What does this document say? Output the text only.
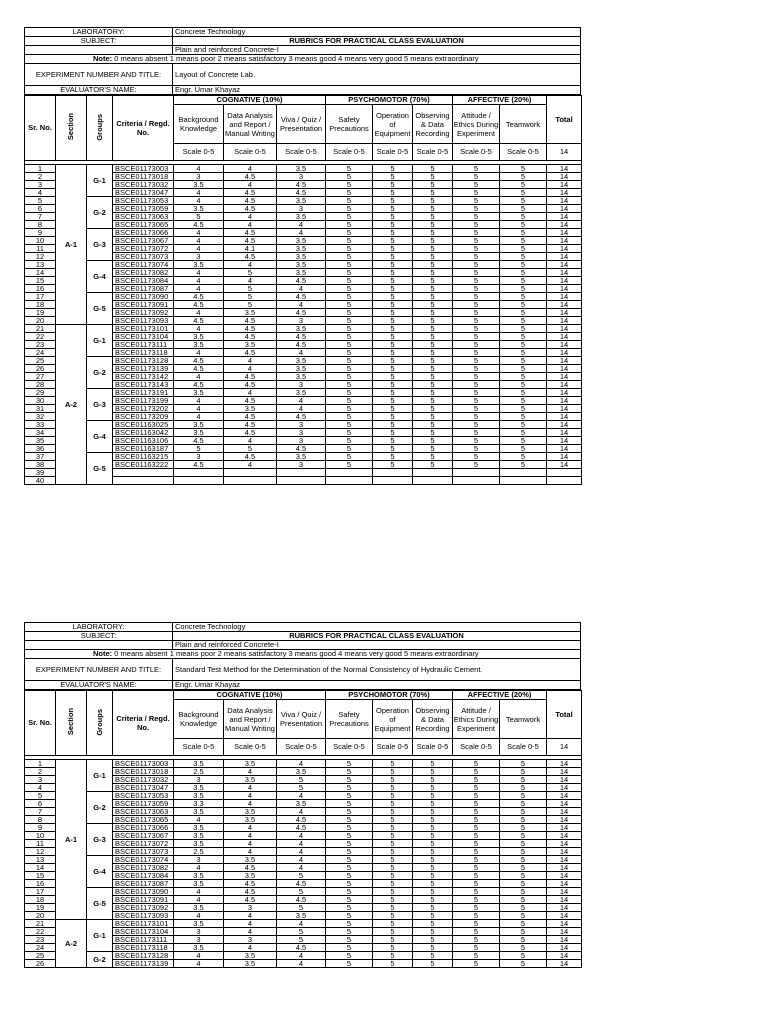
LABORATORY:	Concrete Technology
SUBJECT:	RUBRICS FOR PRACTICAL CLASS EVALUATION
	Plain and reinforced Concrete-I
Note: 0 means absent 1 means poor 2 means satisfactory 3 means good 4 means very good 5 means extraordinary	
EXPERIMENT NUMBER AND TITLE:	Layout of Concrete Lab.
EVALUATOR'S NAME:	Engr. Umar Khayaz
Sr. No.	Section	Groups	Criteria / Regd. No.	COGNATIVE (10%)			PSYCHOMOTOR (70%)			AFFECTIVE (20%)		Total
				Background Knowledge	Data Analysis and Report / Manual Writing	Viva / Quiz / Presentation	Safety Precautions	Operation of Equipment	Observing & Data Recording	Attitude / Ethics During Experiment	Teamwork	
				Scale 0-5	Scale 0-5	Scale 0-5	Scale 0-5	Scale 0-5	Scale 0-5	Scale 0-5	Scale 0-5	14

1	A-1	G-1	BSCE01173003	4	4	3.5	5	5	5	5	5	14
2			BSCE01173018	3	4.5	3	5	5	5	5	5	14
3			BSCE01173032	3.5	4	4.5	5	5	5	5	5	14
4			BSCE01173047	4	4.5	4.5	5	5	5	5	5	14
5		G-2	BSCE01173053	4	4.5	3.5	5	5	5	5	5	14
6			BSCE01173059	3.5	4.5	3	5	5	5	5	5	14
7			BSCE01173063	5	4	3.5	5	5	5	5	5	14
8			BSCE01173065	4.5	4	4	5	5	5	5	5	14
9		G-3	BSCE01173066	4	4.5	4	5	5	5	5	5	14
10			BSCE01173067	4	4.5	3.5	5	5	5	5	5	14
11			BSCE01173072	4	4.1	3.5	5	5	5	5	5	14
12			BSCE01173073	3	4.5	3.5	5	5	5	5	5	14
13		G-4	BSCE01173074	3.5	4	3.5	5	5	5	5	5	14
14			BSCE01173082	4	5	3.5	5	5	5	5	5	14
15			BSCE01173084	4	4	4.5	5	5	5	5	5	14
16			BSCE01173087	4	5	4	5	5	5	5	5	14
17		G-5	BSCE01173090	4.5	5	4.5	5	5	5	5	5	14
18			BSCE01173091	4.5	5	4	5	5	5	5	5	14
19			BSCE01173092	4	3.5	4.5	5	5	5	5	5	14
20			BSCE01173093	4.5	4.5	3	5	5	5	5	5	14
21	A-2	G-1	BSCE01173101	4	4.5	3.5	5	5	5	5	5	14
22			BSCE01173104	3.5	4.5	4.5	5	5	5	5	5	14
23			BSCE01173111	3.5	3.5	4.5	5	5	5	5	5	14
24			BSCE01173118	4	4.5	4	5	5	5	5	5	14
25		G-2	BSCE01173128	4.5	4	3.5	5	5	5	5	5	14
26			BSCE01173139	4.5	4	3.5	5	5	5	5	5	14
27			BSCE01173142	4	4.5	3.5	5	5	5	5	5	14
28			BSCE01173143	4.5	4.5	3	5	5	5	5	5	14
29		G-3	BSCE01173191	3.5	4	3.5	5	5	5	5	5	14
30			BSCE01173199	4	4.5	4	5	5	5	5	5	14
31			BSCE01173202	4	3.5	4	5	5	5	5	5	14
32			BSCE01173209	4	4.5	4.5	5	5	5	5	5	14
33		G-4	BSCE01163025	3.5	4.5	3	5	5	5	5	5	14
34			BSCE01163042	3.5	4.5	3	5	5	5	5	5	14
35			BSCE01163106	4.5	4	3	5	5	5	5	5	14
36			BSCE01163187	5	5	4.5	5	5	5	5	5	14
37		G-5	BSCE01163215	3	4.5	3.5	5	5	5	5	5	14
38			BSCE01163222	4.5	4	3	5	5	5	5	5	14
39												
40												
LABORATORY:	Concrete Technology
SUBJECT:	RUBRICS FOR PRACTICAL CLASS EVALUATION
	Plain and reinforced Concrete-I
Note: 0 means absent 1 means poor 2 means satisfactory 3 means good 4 means very good 5 means extraordinary	
EXPERIMENT NUMBER AND TITLE:	Standard Test Method for the Determination of the Normal Consistency of Hydraulic Cement.
EVALUATOR'S NAME:	Engr. Umar Khayaz
Sr. No.	Section	Groups	Criteria / Regd. No.	COGNATIVE (10%)			PSYCHOMOTOR (70%)			AFFECTIVE (20%)		Total
				Background Knowledge	Data Analysis and Report / Manual Writing	Viva / Quiz / Presentation	Safety Precautions	Operation of Equipment	Observing & Data Recording	Attitude / Ethics During Experiment	Teamwork	
				Scale 0-5	Scale 0-5	Scale 0-5	Scale 0-5	Scale 0-5	Scale 0-5	Scale 0-5	Scale 0-5	14

1	A-1	G-1	BSCE01173003	3.5	3.5	4	5	5	5	5	5	14
2			BSCE01173018	2.5	4	3.5	5	5	5	5	5	14
3			BSCE01173032	3	3.5	5	5	5	5	5	5	14
4			BSCE01173047	3.5	4	5	5	5	5	5	5	14
5		G-2	BSCE01173053	3.5	4	4	5	5	5	5	5	14
6			BSCE01173059	3.3	4	3.5	5	5	5	5	5	14
7			BSCE01173063	3.5	3.5	4	5	5	5	5	5	14
8			BSCE01173065	4	3.5	4.5	5	5	5	5	5	14
9		G-3	BSCE01173066	3.5	4	4.5	5	5	5	5	5	14
10			BSCE01173067	3.5	4	4	5	5	5	5	5	14
11			BSCE01173072	3.5	4	4	5	5	5	5	5	14
12			BSCE01173073	2.5	4	4	5	5	5	5	5	14
13		G-4	BSCE01173074	3	3.5	4	5	5	5	5	5	14
14			BSCE01173082	4	4.5	4	5	5	5	5	5	14
15			BSCE01173084	3.5	3.5	5	5	5	5	5	5	14
16			BSCE01173087	3.5	4.5	4.5	5	5	5	5	5	14
17		G-5	BSCE01173090	4	4.5	5	5	5	5	5	5	14
18			BSCE01173091	4	4.5	4.5	5	5	5	5	5	14
19			BSCE01173092	3.5	3	5	5	5	5	5	5	14
20			BSCE01173093	4	4	3.5	5	5	5	5	5	14
21	A-2	G-1	BSCE01173101	3.5	4	4	5	5	5	5	5	14
22			BSCE01173104	3	4	5	5	5	5	5	5	14
23			BSCE01173111	3	3	5	5	5	5	5	5	14
24			BSCE01173118	3.5	4	4.5	5	5	5	5	5	14
25		G-2	BSCE01173128	4	3.5	4	5	5	5	5	5	14
26			BSCE01173139	4	3.5	4	5	5	5	5	5	14
